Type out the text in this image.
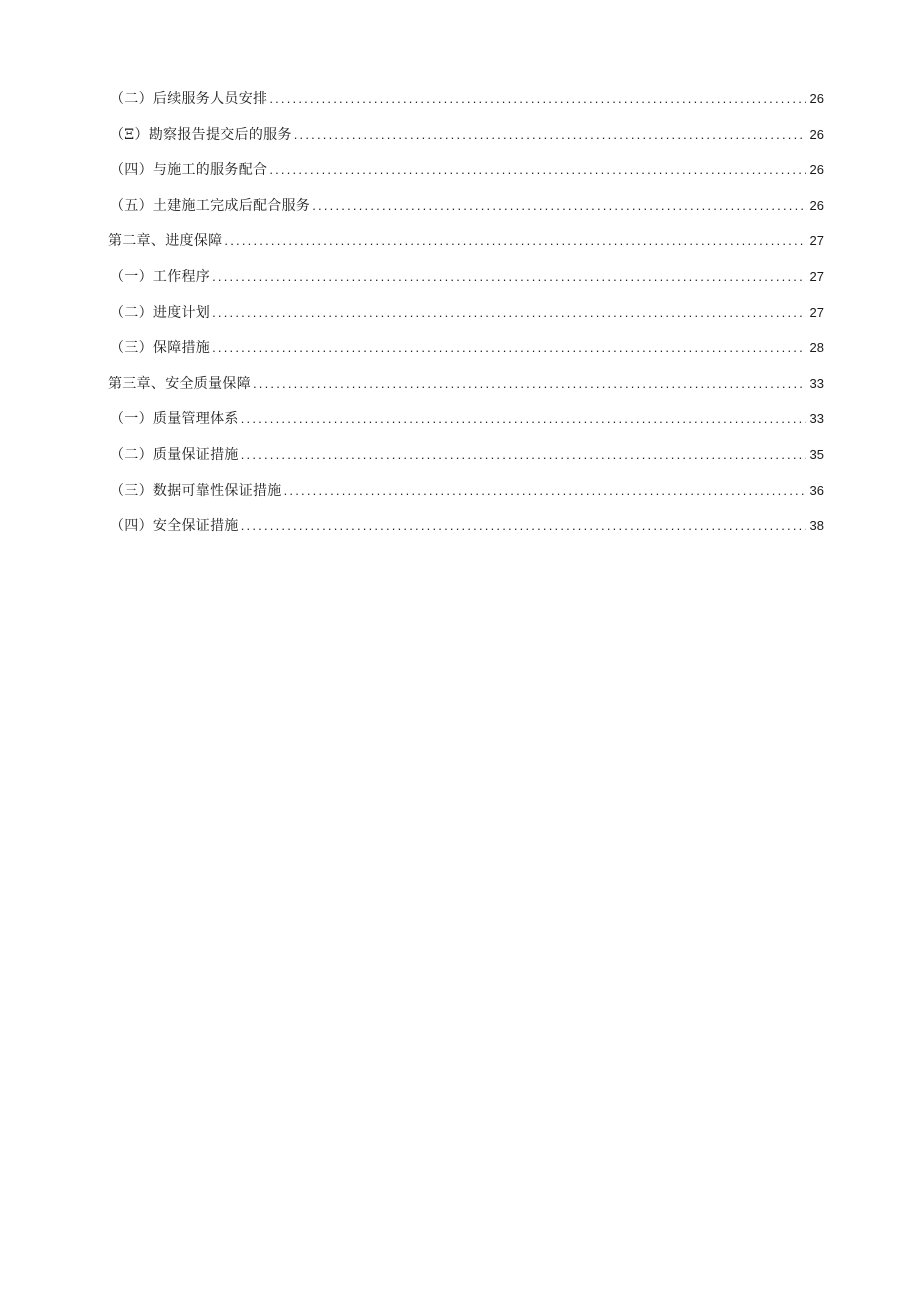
（二）后续服务人员安排 .....	26
（Ξ）勘察报告提交后的服务 .....	26
（四）与施工的服务配合 .....	26
（五）土建施工完成后配合服务 .....	26
第二章、进度保障 .....	27
（一）工作程序 .....	27
（二）进度计划 .....	27
（三）保障措施 .....	28
第三章、安全质量保障 .....	33
（一）质量管理体系 .....	33
（二）质量保证措施 .....	35
（三）数据可靠性保证措施 .....	36
（四）安全保证措施 .....	38
